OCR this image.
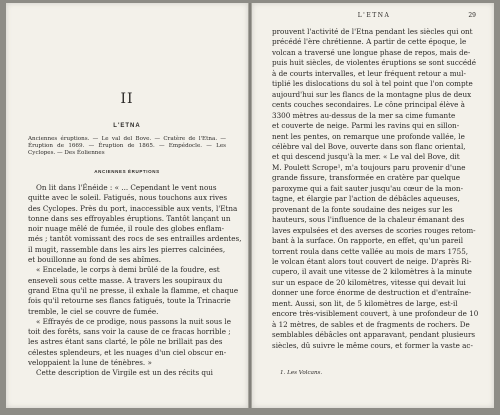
II
L'ETNA
Anciennes éruptions. — Le val del Bove. — Cratère de l'Etna. — Éruption de 1669. — Éruption de 1865. — Empédocle. — Les Cyclopes. — Des Éoliennes
ANCIENNES ÉRUPTIONS
On lit dans l'Énéide : « ... Cependant le vent nous
quitte avec le soleil. Fatigués, nous touchons aux rives
des Cyclopes. Près du port, inaccessible aux vents, l'Etna
tonne dans ses effroyables éruptions. Tantôt lançant un
noir nuage mêlé de fumée, il roule des globes enflam-
més ; tantôt vomissant des rocs de ses entrailles ardentes,
il mugit, rassemble dans les airs les pierres calcinées,
et bouillonne au fond de ses abîmes.
« Encelade, le corps à demi brûlé de la foudre, est
enseveli sous cette masse. A travers les soupiraux du
grand Etna qu'il ne presse, il exhale la flamme, et chaque
fois qu'il retourne ses flancs fatigués, toute la Trinacrie
tremble, le ciel se couvre de fumée.
« Effrayés de ce prodige, nous passons la nuit sous le
toit des forêts, sans voir la cause de ce fracas horrible ;
les astres étant sans clarté, le pôle ne brillait pas des
célestes splendeurs, et les nuages d'un ciel obscur en-
veloppaient la lune de ténèbres. »
Cette description de Virgile est un des récits qui
L'ETNA	29
prouvent l'activité de l'Etna pendant les siècles qui ont
précédé l'ère chrétienne. A partir de cette époque, le
volcan a traversé une longue phase de repos, mais de-
puis huit siècles, de violentes éruptions se sont succédé
à de courts intervalles, et leur fréquent retour a mul-
tiplié les dislocations du sol à tel point que l'on compte
aujourd'hui sur les flancs de la montagne plus de deux
cents couches secondaires. Le cône principal élève à
3300 mètres au-dessus de la mer sa cime fumante
et couverte de neige. Parmi les ravins qui en sillon-
nent les pentes, on remarque une profonde vallée, le
célèbre val del Bove, ouverte dans son flanc oriental,
et qui descend jusqu'à la mer. « Le val del Bove, dit
M. Poulett Scrope¹, m'a toujours paru provenir d'une
grande fissure, transformée en cratère par quelque
paroxyme qui a fait sauter jusqu'au cœur de la mon-
tagne, et élargie par l'action de débâcles aqueuses,
provenant de la fonte soudaine des neiges sur les
hauteurs, sous l'influence de la chaleur émanant des
laves expulsées et des averses de scories rouges retom-
bant à la surface. On rapporte, en effet, qu'un pareil
torrent roula dans cette vallée au mois de mars 1755,
le volcan étant alors tout couvert de neige. D'après Ri-
cupero, il avait une vitesse de 2 kilomètres à la minute
sur un espace de 20 kilomètres, vitesse qui devait lui
donner une force énorme de destruction et d'entraîne-
ment. Aussi, son lit, de 5 kilomètres de large, est-il
encore très-visiblement couvert, à une profondeur de 10
à 12 mètres, de sables et de fragments de rochers. De
semblables débâcles ont apparavant, pendant plusieurs
siècles, dû suivre le même cours, et former la vaste ac-
1. Les Volcans.
